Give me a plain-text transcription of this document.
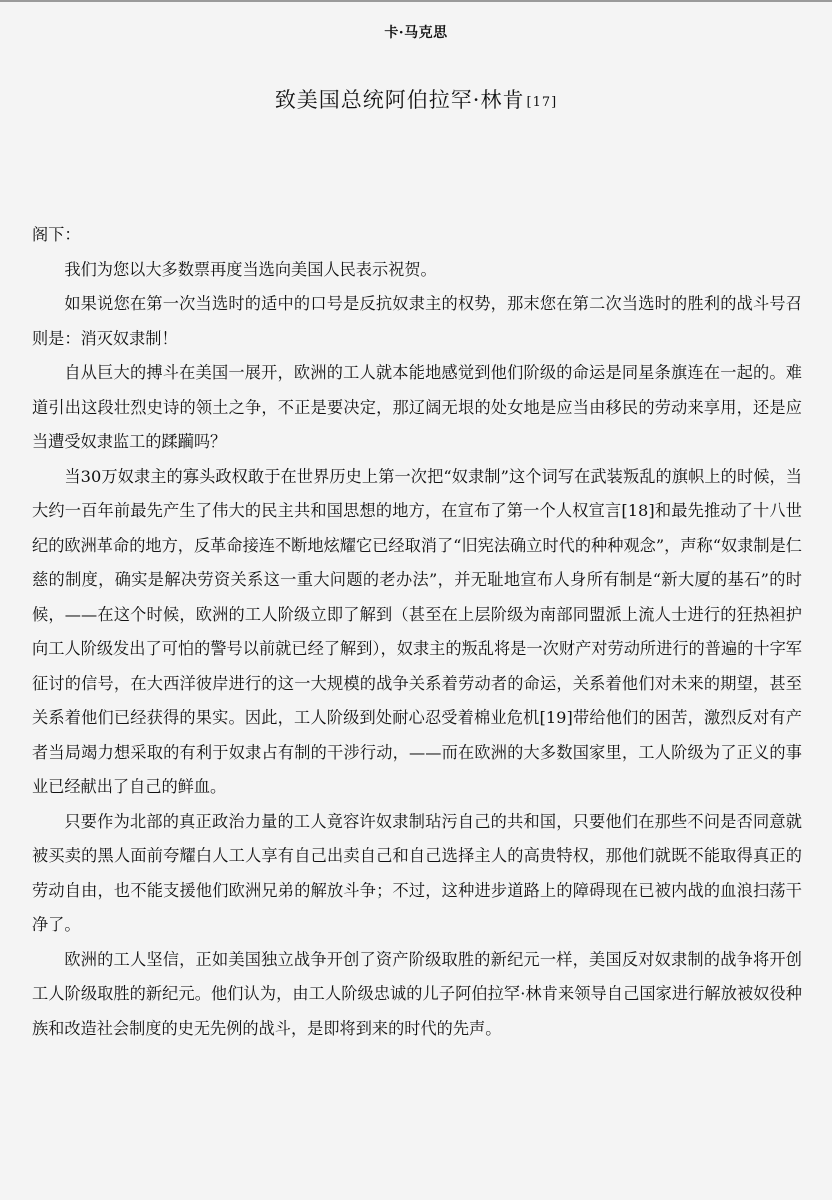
卡·马克思
致美国总统阿伯拉罕·林肯 [17]

阁下：

我们为您以大多数票再度当选向美国人民表示祝贺。

如果说您在第一次当选时的适中的口号是反抗奴隶主的权势，那末您在第二次当选时的胜利的战斗号召则是：消灭奴隶制！

自从巨大的搏斗在美国一展开，欧洲的工人就本能地感觉到他们阶级的命运是同星条旗连在一起的。难道引出这段壮烈史诗的领土之争，不正是要决定，那辽阔无垠的处女地是应当由移民的劳动来享用，还是应当遭受奴隶监工的蹂躏吗？

当30万奴隶主的寡头政权敢于在世界历史上第一次把“奴隶制”这个词写在武装叛乱的旗帜上的时候，当大约一百年前最先产生了伟大的民主共和国思想的地方，在宣布了第一个人权宣言[18]和最先推动了十八世纪的欧洲革命的地方，反革命接连不断地炫耀它已经取消了“旧宪法确立时代的种种观念”，声称“奴隶制是仁慈的制度，确实是解决劳资关系这一重大问题的老办法”，并无耻地宣布人身所有制是“新大厦的基石”的时候，——在这个时候，欧洲的工人阶级立即了解到（甚至在上层阶级为南部同盟派上流人士进行的狂热袒护向工人阶级发出了可怕的警号以前就已经了解到），奴隶主的叛乱将是一次财产对劳动所进行的普遍的十字军征讨的信号，在大西洋彼岸进行的这一大规模的战争关系着劳动者的命运，关系着他们对未来的期望，甚至关系着他们已经获得的果实。因此，工人阶级到处耐心忍受着棉业危机[19]带给他们的困苦，激烈反对有产者当局竭力想采取的有利于奴隶占有制的干涉行动，——而在欧洲的大多数国家里，工人阶级为了正义的事业已经献出了自己的鲜血。

只要作为北部的真正政治力量的工人竟容许奴隶制玷污自己的共和国，只要他们在那些不问是否同意就被买卖的黑人面前夸耀白人工人享有自己出卖自己和自己选择主人的高贵特权，那他们就既不能取得真正的劳动自由，也不能支援他们欧洲兄弟的解放斗争；不过，这种进步道路上的障碍现在已被内战的血浪扫荡干净了。

欧洲的工人坚信，正如美国独立战争开创了资产阶级取胜的新纪元一样，美国反对奴隶制的战争将开创工人阶级取胜的新纪元。他们认为，由工人阶级忠诚的儿子阿伯拉罕·林肯来领导自己国家进行解放被奴役种族和改造社会制度的史无先例的战斗，是即将到来的时代的先声。
